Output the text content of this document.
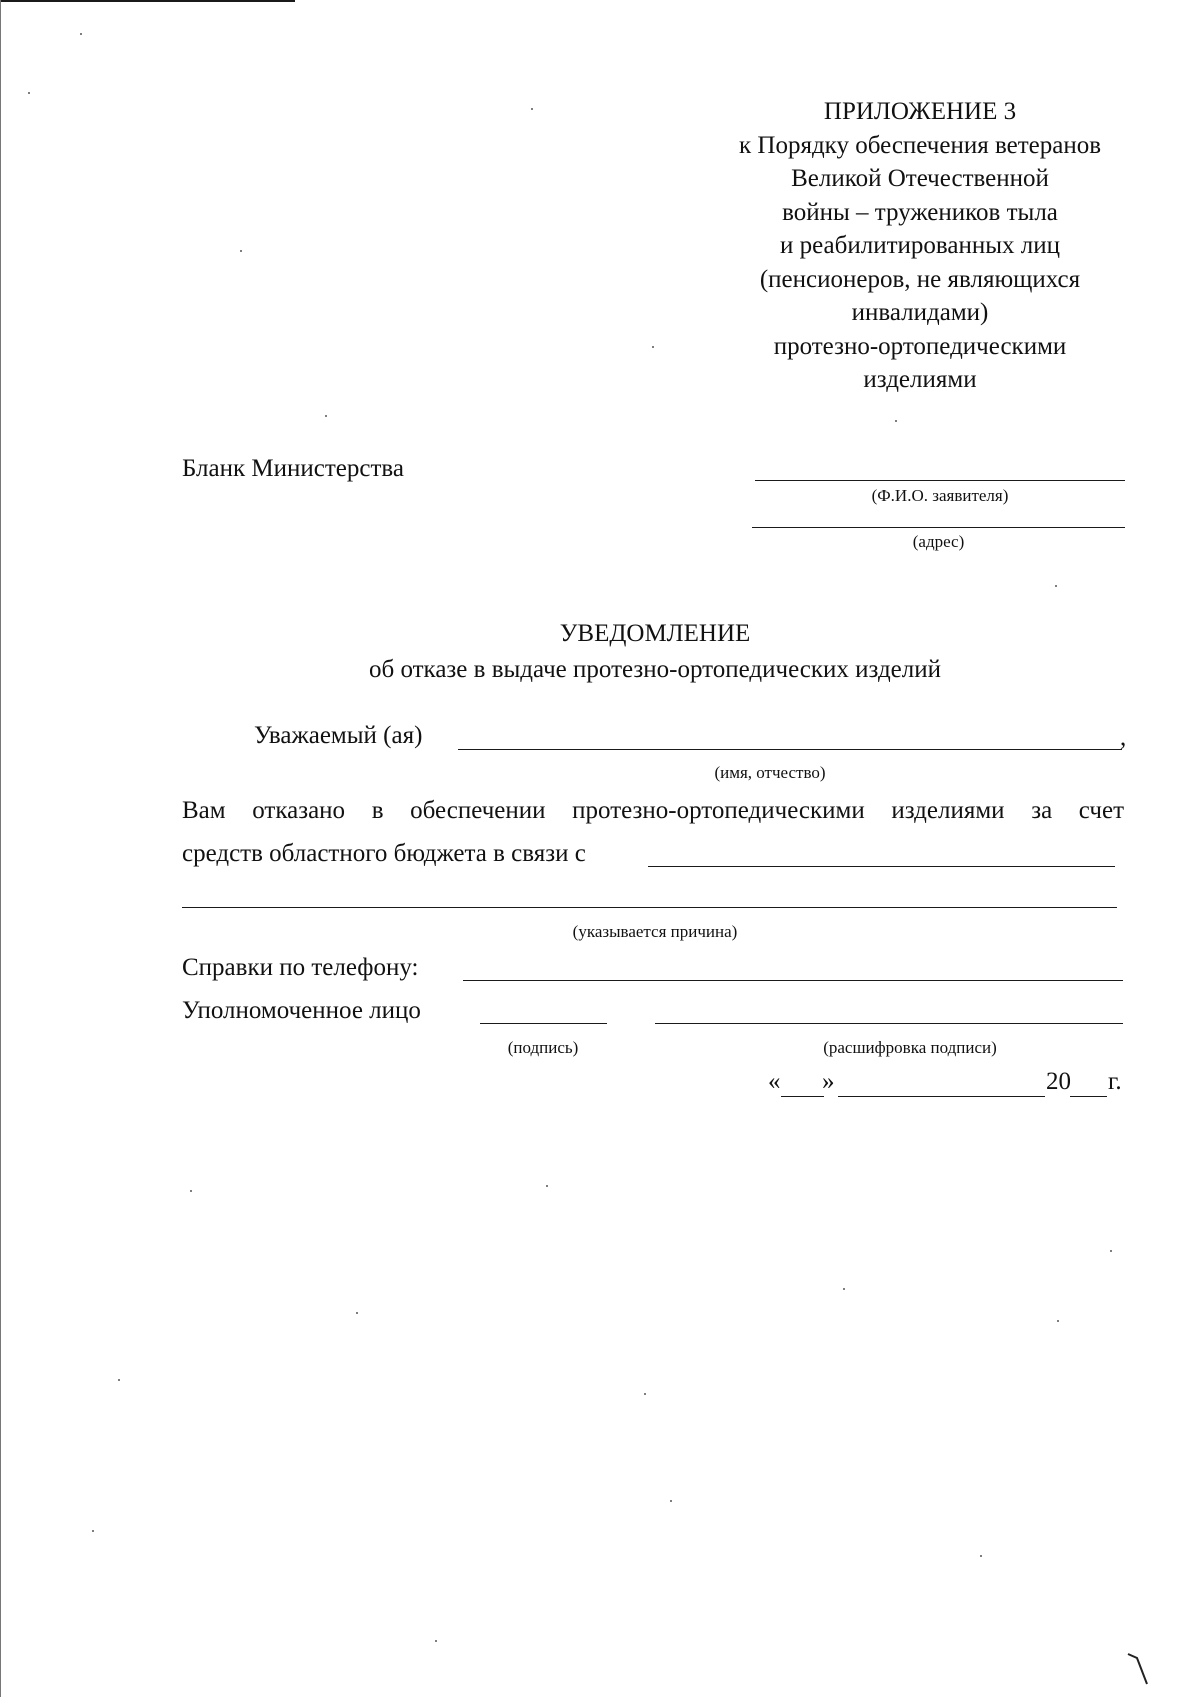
ПРИЛОЖЕНИЕ 3
к Порядку обеспечения ветеранов
Великой Отечественной
войны – тружеников тыла
и реабилитированных лиц
(пенсионеров, не являющихся
инвалидами)
протезно-ортопедическими
изделиями
Бланк Министерства
(Ф.И.О. заявителя)
(адрес)
УВЕДОМЛЕНИЕ
об отказе в выдаче протезно-ортопедических изделий
Уважаемый (ая)	,
(имя, отчество)
Вам отказано в обеспечении протезно-ортопедическими изделиями за счет
средств областного бюджета в связи с
(указывается причина)
Справки по телефону:
Уполномоченное лицо
(подпись)	(расшифровка подписи)
« »	20 г.
